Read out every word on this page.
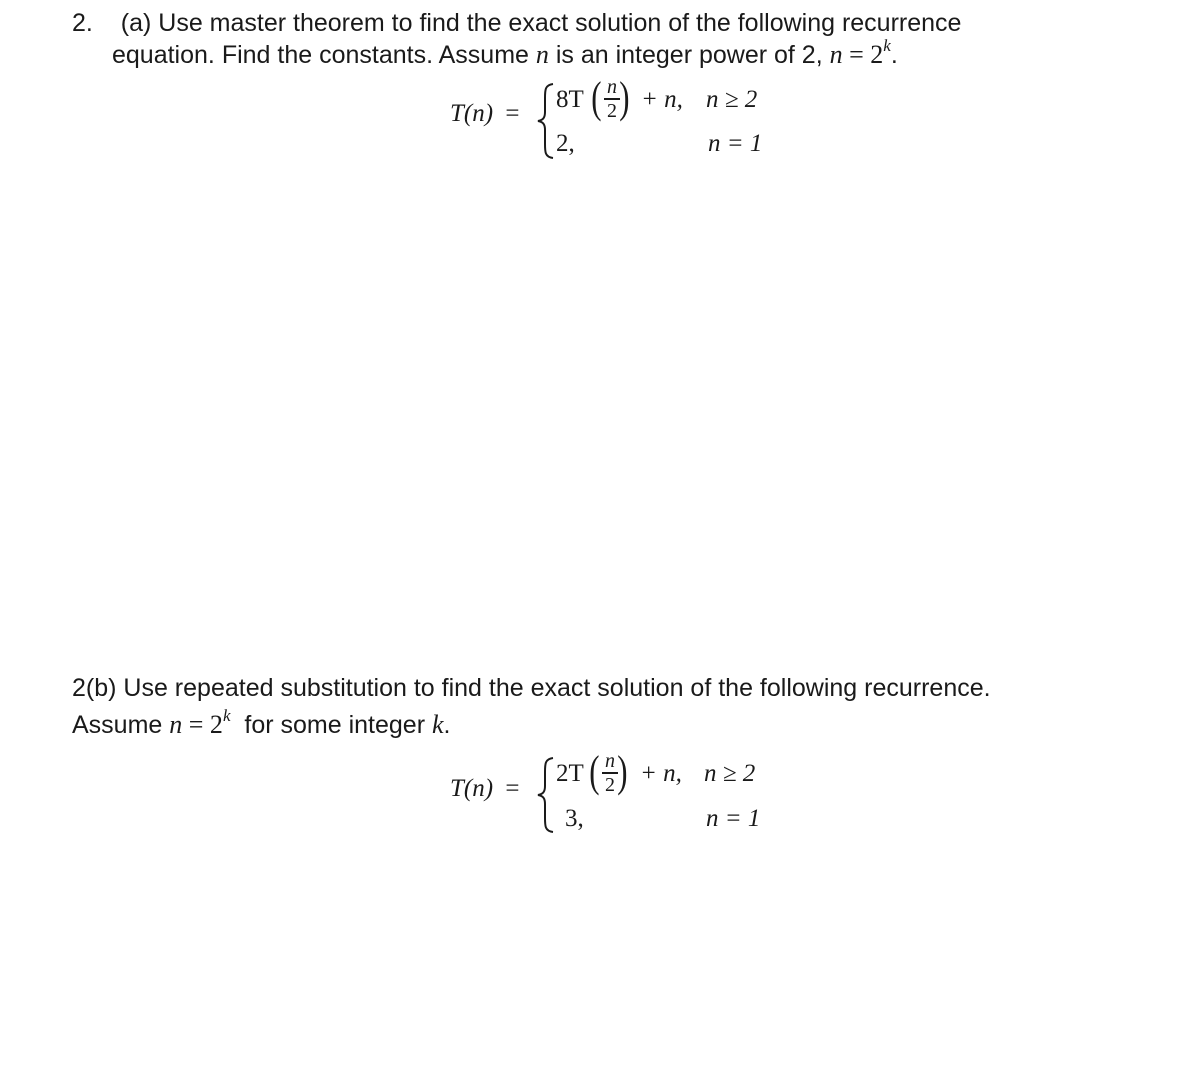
2. (a) Use master theorem to find the exact solution of the following recurrence
equation. Find the constants. Assume n is an integer power of 2, $n = 2^k$.
T(n) =
8T ( n
2 ) + n, n ≥ 2
2,	n = 1
2(b) Use repeated substitution to find the exact solution of the following recurrence.
Assume $n = 2^k$  for some integer k.
T(n) =
2T ( n
2 ) + n, n ≥ 2
3,	n = 1
